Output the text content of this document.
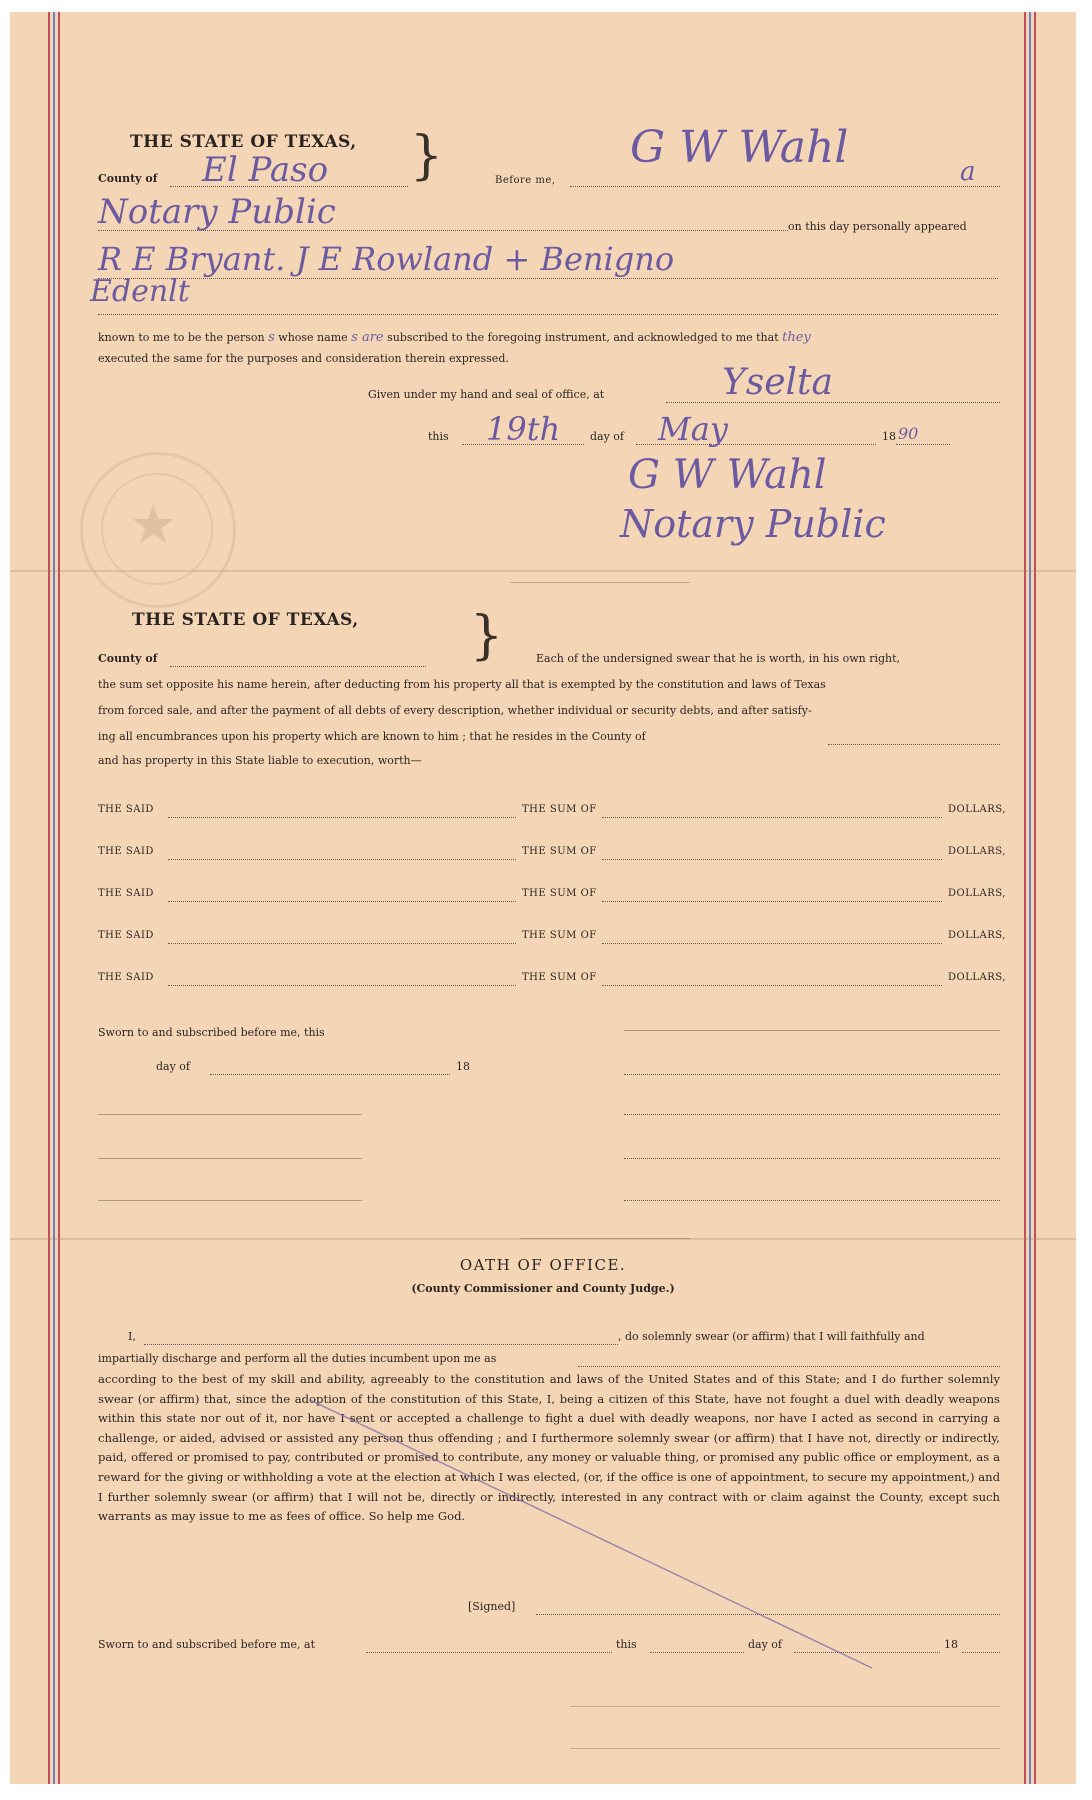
★
THE STATE OF TEXAS, }
County of El Paso	Before me,
G W Wahl	a
Notary Public	on this day personally appeared
R E Bryant. J E Rowland + Benigno
Edenlt
known to me to be the person s whose name s are subscribed to the foregoing instrument, and acknowledged to me that they
executed the same for the purposes and consideration therein expressed.
Given under my hand and seal of office, at	Yselta
this 19th	day of May	18 90
G W Wahl
Notary Public
THE STATE OF TEXAS, }
County of	Each of the undersigned swear that he is worth, in his own right,
the sum set opposite his name herein, after deducting from his property all that is exempted by the constitution and laws of Texas
from forced sale, and after the payment of all debts of every description, whether individual or security debts, and after satisfy-
ing all encumbrances upon his property which are known to him ; that he resides in the County of
and has property in this State liable to execution, worth—
THE SAID	THE SUM OF	DOLLARS,
THE SAID	THE SUM OF	DOLLARS,
THE SAID	THE SUM OF	DOLLARS,
THE SAID	THE SUM OF	DOLLARS,
THE SAID	THE SUM OF	DOLLARS,
Sworn to and subscribed before me, this
day of	18
OATH OF OFFICE.
(County Commissioner and County Judge.)
I,	, do solemnly swear (or affirm) that I will faithfully and
impartially discharge and perform all the duties incumbent upon me as
according to the best of my skill and ability, agreeably to the constitution and laws of the United States and of this State; and I do further solemnly swear (or affirm) that, since the adoption of the constitution of this State, I, being a citizen of this State, have not fought a duel with deadly weapons within this state nor out of it, nor have I sent or accepted a challenge to fight a duel with deadly weapons, nor have I acted as second in carrying a challenge, or aided, advised or assisted any person thus offending ; and I furthermore solemnly swear (or affirm) that I have not, directly or indirectly, paid, offered or promised to pay, contributed or promised to contribute, any money or valuable thing, or promised any public office or employment, as a reward for the giving or withholding a vote at the election at which I was elected, (or, if the office is one of appointment, to secure my appointment,) and I further solemnly swear (or affirm) that I will not be, directly or indirectly, interested in any contract with or claim against the County, except such warrants as may issue to me as fees of office. So help me God.
[Signed]
Sworn to and subscribed before me, at	this	day of	18
